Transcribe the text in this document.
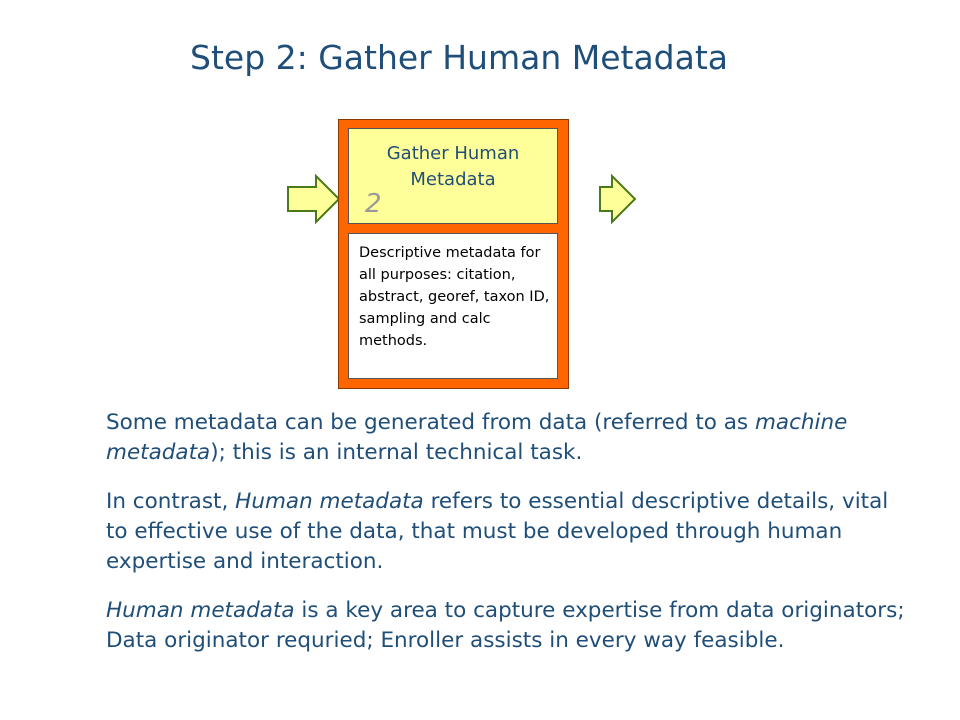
Step 2: Gather Human Metadata
Gather Human Metadata
2
Descriptive metadata for all purposes: citation, abstract, georef, taxon ID, sampling and calc methods.
Some metadata can be generated from data (referred to as machine metadata); this is an internal technical task.
In contrast, Human metadata refers to essential descriptive details, vital to effective use of the data, that must be developed through human expertise and interaction.
Human metadata is a key area to capture expertise from data originators; Data originator requried; Enroller assists in every way feasible.
